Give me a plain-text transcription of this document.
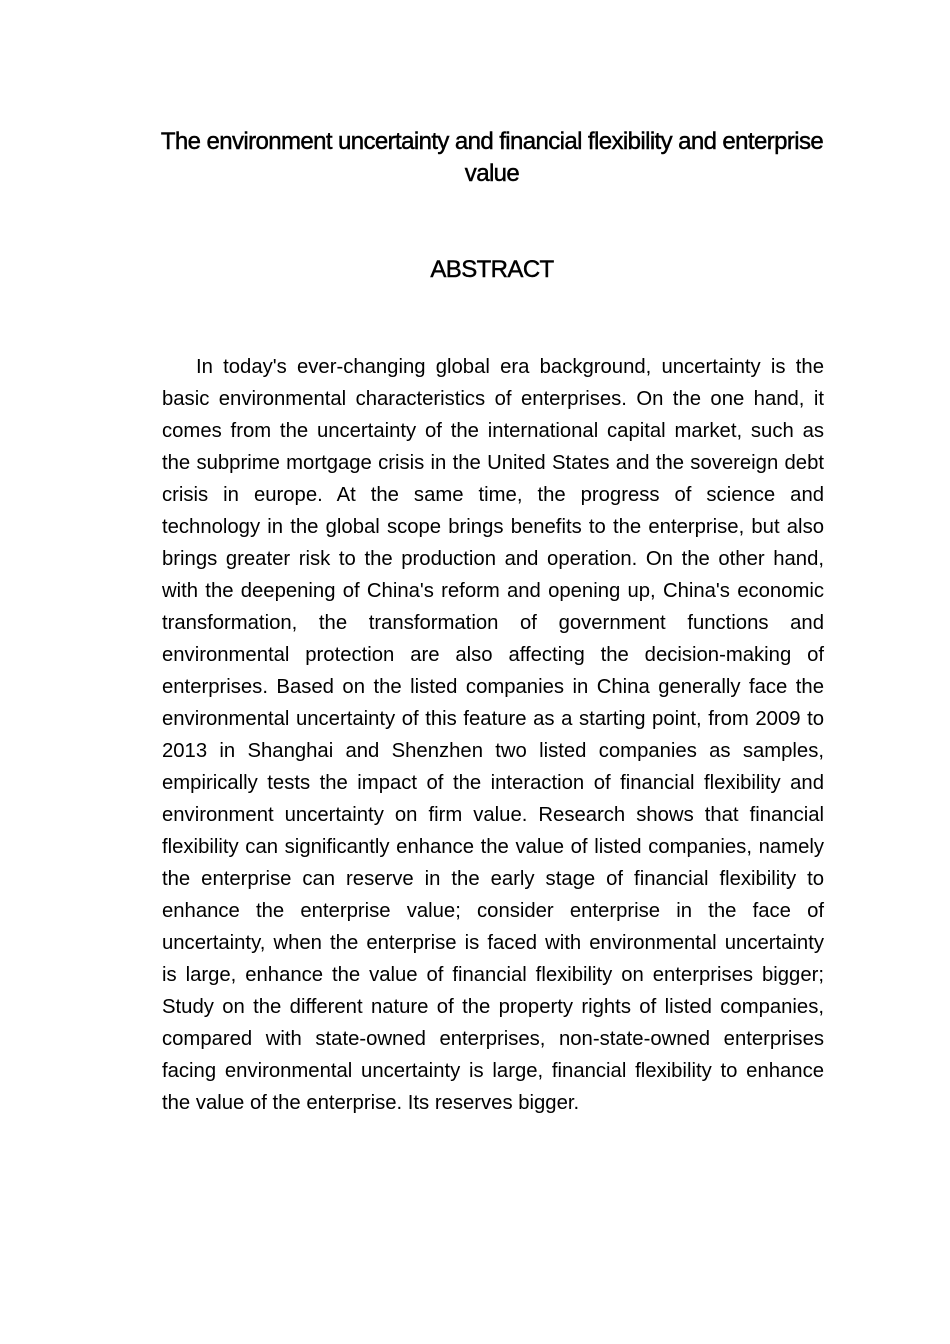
The environment uncertainty and financial flexibility and enterprise value
ABSTRACT

In today's ever-changing global era background, uncertainty is the basic environmental characteristics of enterprises. On the one hand, it comes from the uncertainty of the international capital market, such as the subprime mortgage crisis in the United States and the sovereign debt crisis in europe. At the same time, the progress of science and technology in the global scope brings benefits to the enterprise, but also brings greater risk to the production and operation. On the other hand, with the deepening of China's reform and opening up, China's economic transformation, the transformation of government functions and environmental protection are also affecting the decision-making of enterprises. Based on the listed companies in China generally face the environmental uncertainty of this feature as a starting point, from 2009 to 2013 in Shanghai and Shenzhen two listed companies as samples, empirically tests the impact of the interaction of financial flexibility and environment uncertainty on firm value. Research shows that financial flexibility can significantly enhance the value of listed companies, namely the enterprise can reserve in the early stage of financial flexibility to enhance the enterprise value; consider enterprise in the face of uncertainty, when the enterprise is faced with environmental uncertainty is large, enhance the value of financial flexibility on enterprises bigger; Study on the different nature of the property rights of listed companies, compared with state-owned enterprises, non-state-owned enterprises facing environmental uncertainty is large, financial flexibility to enhance the value of the enterprise. Its reserves bigger.
